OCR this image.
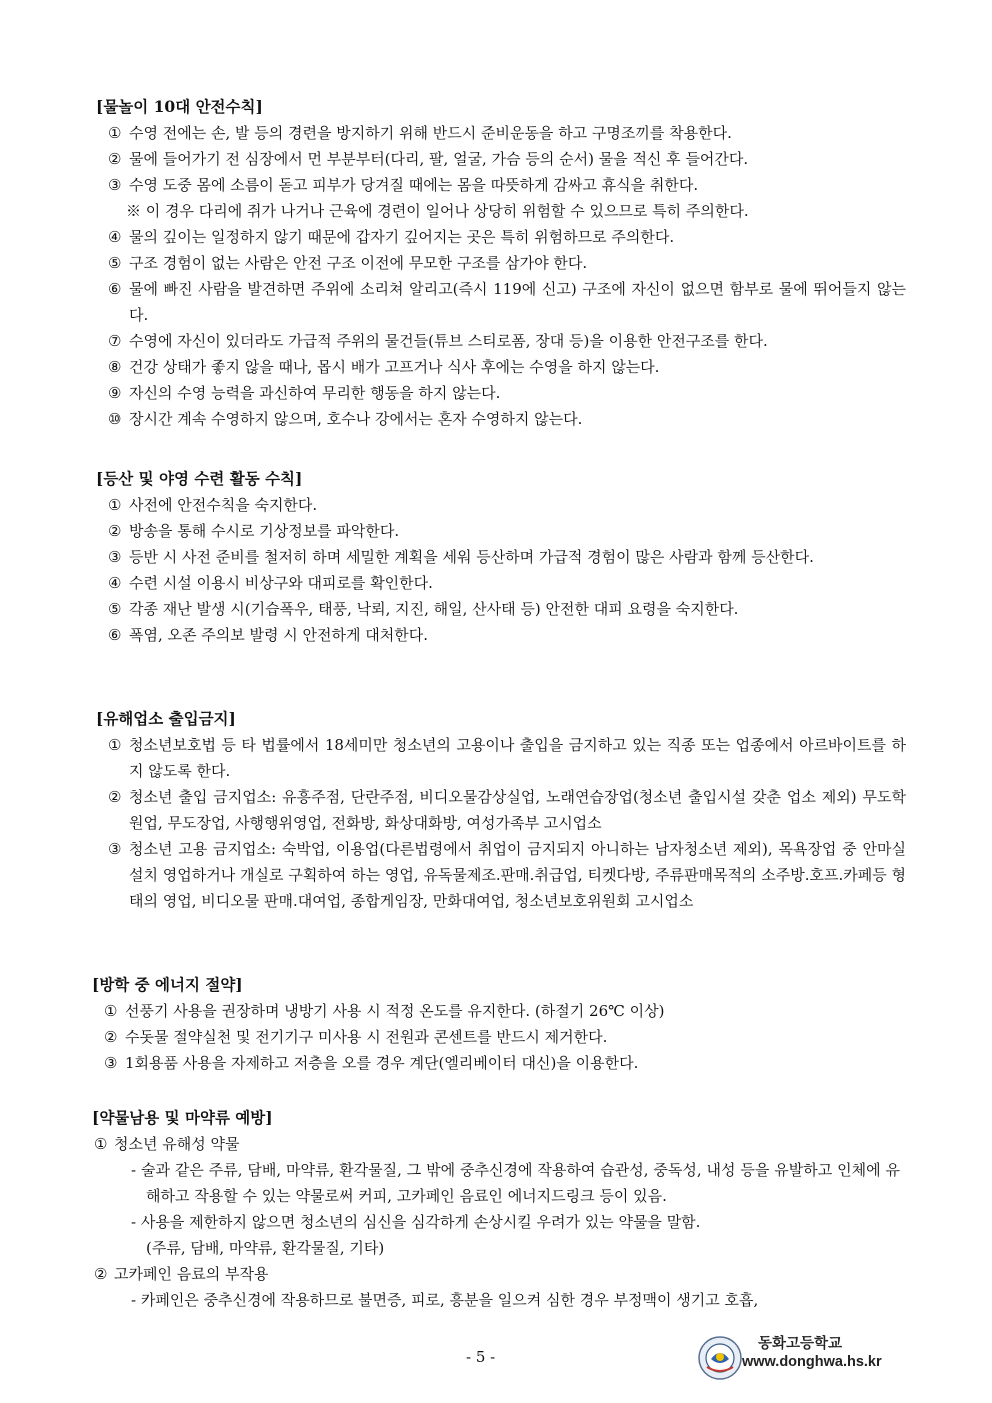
[물놀이 10대 안전수칙]
① 수영 전에는 손, 발 등의 경련을 방지하기 위해 반드시 준비운동을 하고 구명조끼를 착용한다.
② 물에 들어가기 전 심장에서 먼 부분부터(다리, 팔, 얼굴, 가슴 등의 순서) 물을 적신 후 들어간다.
③ 수영 도중 몸에 소름이 돋고 피부가 당겨질 때에는 몸을 따뜻하게 감싸고 휴식을 취한다.
※ 이 경우 다리에 쥐가 나거나 근육에 경련이 일어나 상당히 위험할 수 있으므로 특히 주의한다.
④ 물의 깊이는 일정하지 않기 때문에 갑자기 깊어지는 곳은 특히 위험하므로 주의한다.
⑤ 구조 경험이 없는 사람은 안전 구조 이전에 무모한 구조를 삼가야 한다.
⑥ 물에 빠진 사람을 발견하면 주위에 소리쳐 알리고(즉시 119에 신고) 구조에 자신이 없으면 함부로 물에 뛰어들지 않는다.
⑦ 수영에 자신이 있더라도 가급적 주위의 물건들(튜브 스티로폼, 장대 등)을 이용한 안전구조를 한다.
⑧ 건강 상태가 좋지 않을 때나, 몹시 배가 고프거나 식사 후에는 수영을 하지 않는다.
⑨ 자신의 수영 능력을 과신하여 무리한 행동을 하지 않는다.
⑩ 장시간 계속 수영하지 않으며, 호수나 강에서는 혼자 수영하지 않는다.
[등산 및 야영 수련 활동 수칙]
① 사전에 안전수칙을 숙지한다.
② 방송을 통해 수시로 기상정보를 파악한다.
③ 등반 시 사전 준비를 철저히 하며 세밀한 계획을 세워 등산하며 가급적 경험이 많은 사람과 함께 등산한다.
④ 수련 시설 이용시 비상구와 대피로를 확인한다.
⑤ 각종 재난 발생 시(기습폭우, 태풍, 낙뢰, 지진, 해일, 산사태 등) 안전한 대피 요령을 숙지한다.
⑥ 폭염, 오존 주의보 발령 시 안전하게 대처한다.
[유해업소 출입금지]
① 청소년보호법 등 타 법률에서 18세미만 청소년의 고용이나 출입을 금지하고 있는 직종 또는 업종에서 아르바이트를 하지 않도록 한다.
② 청소년 출입 금지업소: 유흥주점, 단란주점, 비디오물감상실업, 노래연습장업(청소년 출입시설 갖춘 업소 제외) 무도학원업, 무도장업, 사행행위영업, 전화방, 화상대화방, 여성가족부 고시업소
③ 청소년 고용 금지업소: 숙박업, 이용업(다른법령에서 취업이 금지되지 아니하는 남자청소년 제외), 목욕장업 중 안마실 설치 영업하거나 개실로 구획하여 하는 영업, 유독물제조.판매.취급업, 티켓다방, 주류판매목적의 소주방.호프.카페등 형태의 영업, 비디오물 판매.대여업, 종합게임장, 만화대여업, 청소년보호위원회 고시업소
[방학 중 에너지 절약]
① 선풍기 사용을 권장하며 냉방기 사용 시 적정 온도를 유지한다. (하절기 26℃ 이상)
② 수돗물 절약실천 및 전기기구 미사용 시 전원과 콘센트를 반드시 제거한다.
③ 1회용품 사용을 자제하고 저층을 오를 경우 계단(엘리베이터 대신)을 이용한다.
[약물남용 및 마약류 예방]
① 청소년 유해성 약물
- 술과 같은 주류, 담배, 마약류, 환각물질, 그 밖에 중추신경에 작용하여 습관성, 중독성, 내성 등을 유발하고 인체에 유해하고 작용할 수 있는 약물로써 커피, 고카페인 음료인 에너지드링크 등이 있음.
- 사용을 제한하지 않으면 청소년의 심신을 심각하게 손상시킬 우려가 있는 약물을 말함.
(주류, 담배, 마약류, 환각물질, 기타)
② 고카페인 음료의 부작용
- 카페인은 중추신경에 작용하므로 불면증, 피로, 흥분을 일으켜 심한 경우 부정맥이 생기고 호흡,
- 5 -
동화고등학교
www.donghwa.hs.kr
